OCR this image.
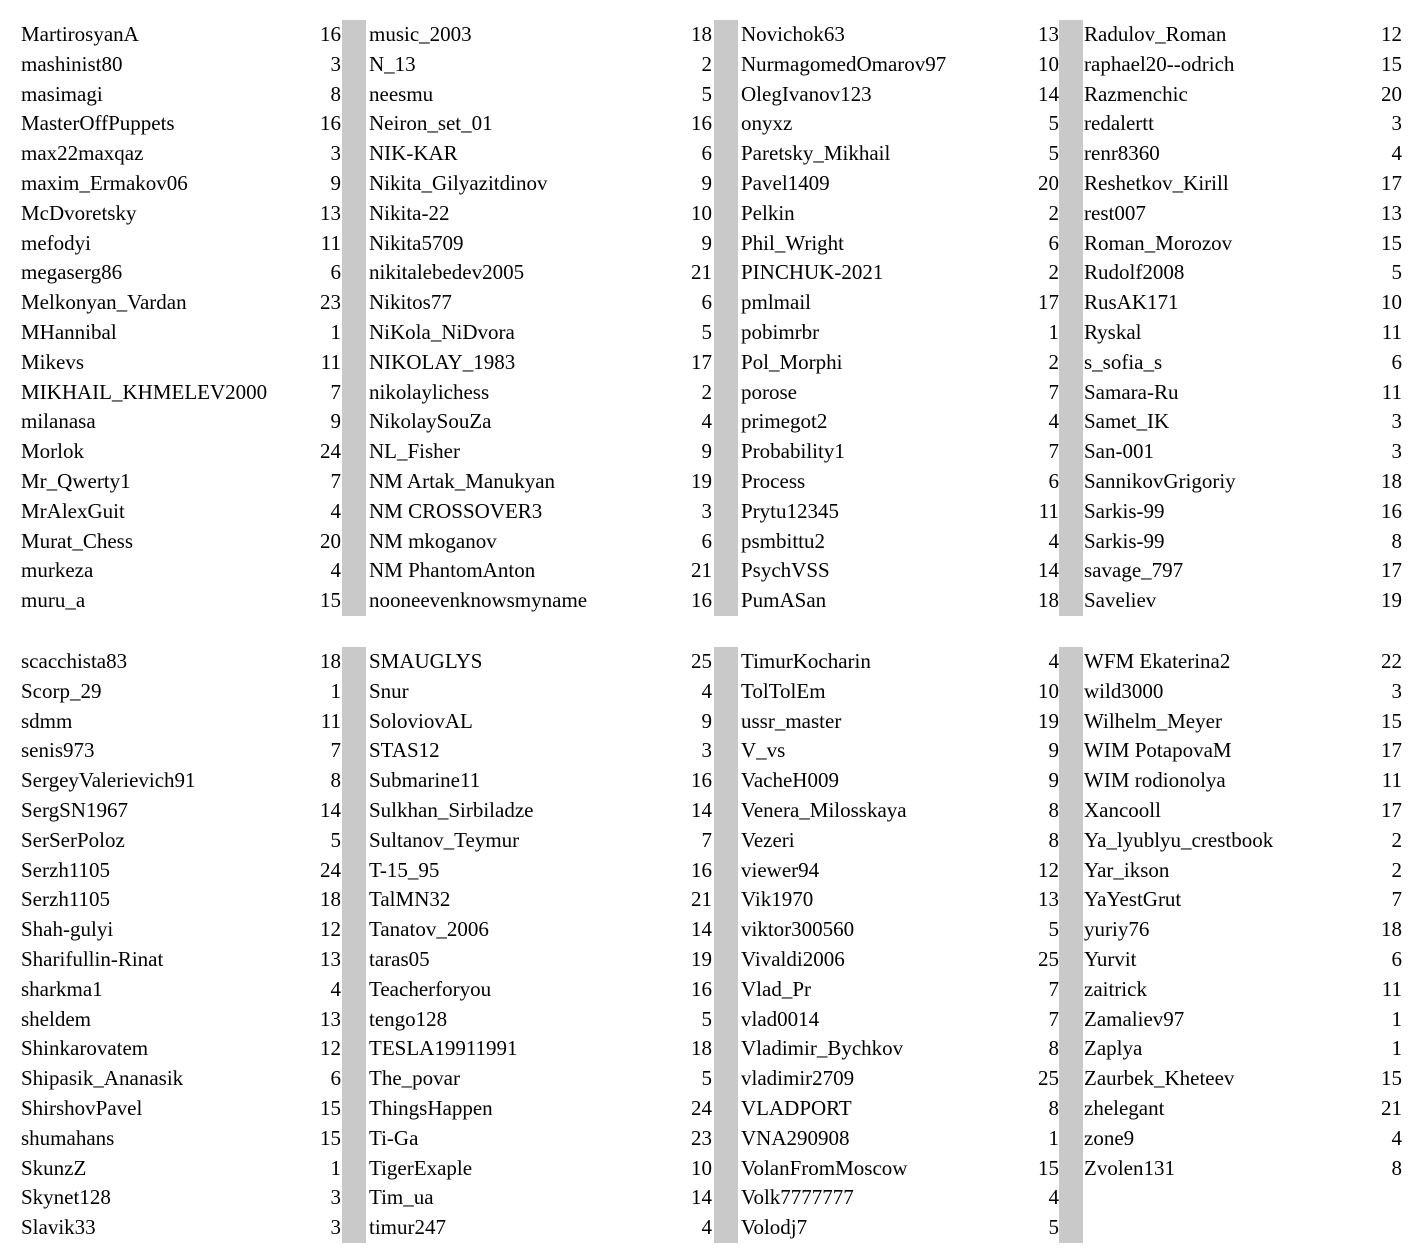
MartirosyanA	16
mashinist80	3
masimagi	8
MasterOffPuppets	16
max22maxqaz	3
maxim_Ermakov06	9
McDvoretsky	13
mefodyi	11
megaserg86	6
Melkonyan_Vardan	23
MHannibal	1
Mikevs	11
MIKHAIL_KHMELEV2000	7
milanasa	9
Morlok	24
Mr_Qwerty1	7
MrAlexGuit	4
Murat_Chess	20
murkeza	4
muru_a	15
music_2003	18
N_13	2
neesmu	5
Neiron_set_01	16
NIK-KAR	6
Nikita_Gilyazitdinov	9
Nikita-22	10
Nikita5709	9
nikitalebedev2005	21
Nikitos77	6
NiKola_NiDvora	5
NIKOLAY_1983	17
nikolaylichess	2
NikolaySouZa	4
NL_Fisher	9
NM Artak_Manukyan	19
NM CROSSOVER3	3
NM mkoganov	6
NM PhantomAnton	21
nooneevenknowsmyname	16
Novichok63	13
NurmagomedOmarov97	10
OlegIvanov123	14
onyxz	5
Paretsky_Mikhail	5
Pavel1409	20
Pelkin	2
Phil_Wright	6
PINCHUK-2021	2
pmlmail	17
pobimrbr	1
Pol_Morphi	2
porose	7
primegot2	4
Probability1	7
Process	6
Prytu12345	11
psmbittu2	4
PsychVSS	14
PumASan	18
Radulov_Roman	12
raphael20--odrich	15
Razmenchic	20
redalertt	3
renr8360	4
Reshetkov_Kirill	17
rest007	13
Roman_Morozov	15
Rudolf2008	5
RusAK171	10
Ryskal	11
s_sofia_s	6
Samara-Ru	11
Samet_IK	3
San-001	3
SannikovGrigoriy	18
Sarkis-99	16
Sarkis-99	8
savage_797	17
Saveliev	19
scacchista83	18
Scorp_29	1
sdmm	11
senis973	7
SergeyValerievich91	8
SergSN1967	14
SerSerPoloz	5
Serzh1105	24
Serzh1105	18
Shah-gulyi	12
Sharifullin-Rinat	13
sharkma1	4
sheldem	13
Shinkarovatem	12
Shipasik_Ananasik	6
ShirshovPavel	15
shumahans	15
SkunzZ	1
Skynet128	3
Slavik33	3
SMAUGLYS	25
Snur	4
SoloviovAL	9
STAS12	3
Submarine11	16
Sulkhan_Sirbiladze	14
Sultanov_Teymur	7
T-15_95	16
TalMN32	21
Tanatov_2006	14
taras05	19
Teacherforyou	16
tengo128	5
TESLA19911991	18
The_povar	5
ThingsHappen	24
Ti-Ga	23
TigerExaple	10
Tim_ua	14
timur247	4
TimurKocharin	4
TolTolEm	10
ussr_master	19
V_vs	9
VacheH009	9
Venera_Milosskaya	8
Vezeri	8
viewer94	12
Vik1970	13
viktor300560	5
Vivaldi2006	25
Vlad_Pr	7
vlad0014	7
Vladimir_Bychkov	8
vladimir2709	25
VLADPORT	8
VNA290908	1
VolanFromMoscow	15
Volk7777777	4
Volodj7	5
WFM Ekaterina2	22
wild3000	3
Wilhelm_Meyer	15
WIM PotapovaM	17
WIM rodionolya	11
Xancooll	17
Ya_lyublyu_crestbook	2
Yar_ikson	2
YaYestGrut	7
yuriy76	18
Yurvit	6
zaitrick	11
Zamaliev97	1
Zaplya	1
Zaurbek_Kheteev	15
zhelegant	21
zone9	4
Zvolen131	8
